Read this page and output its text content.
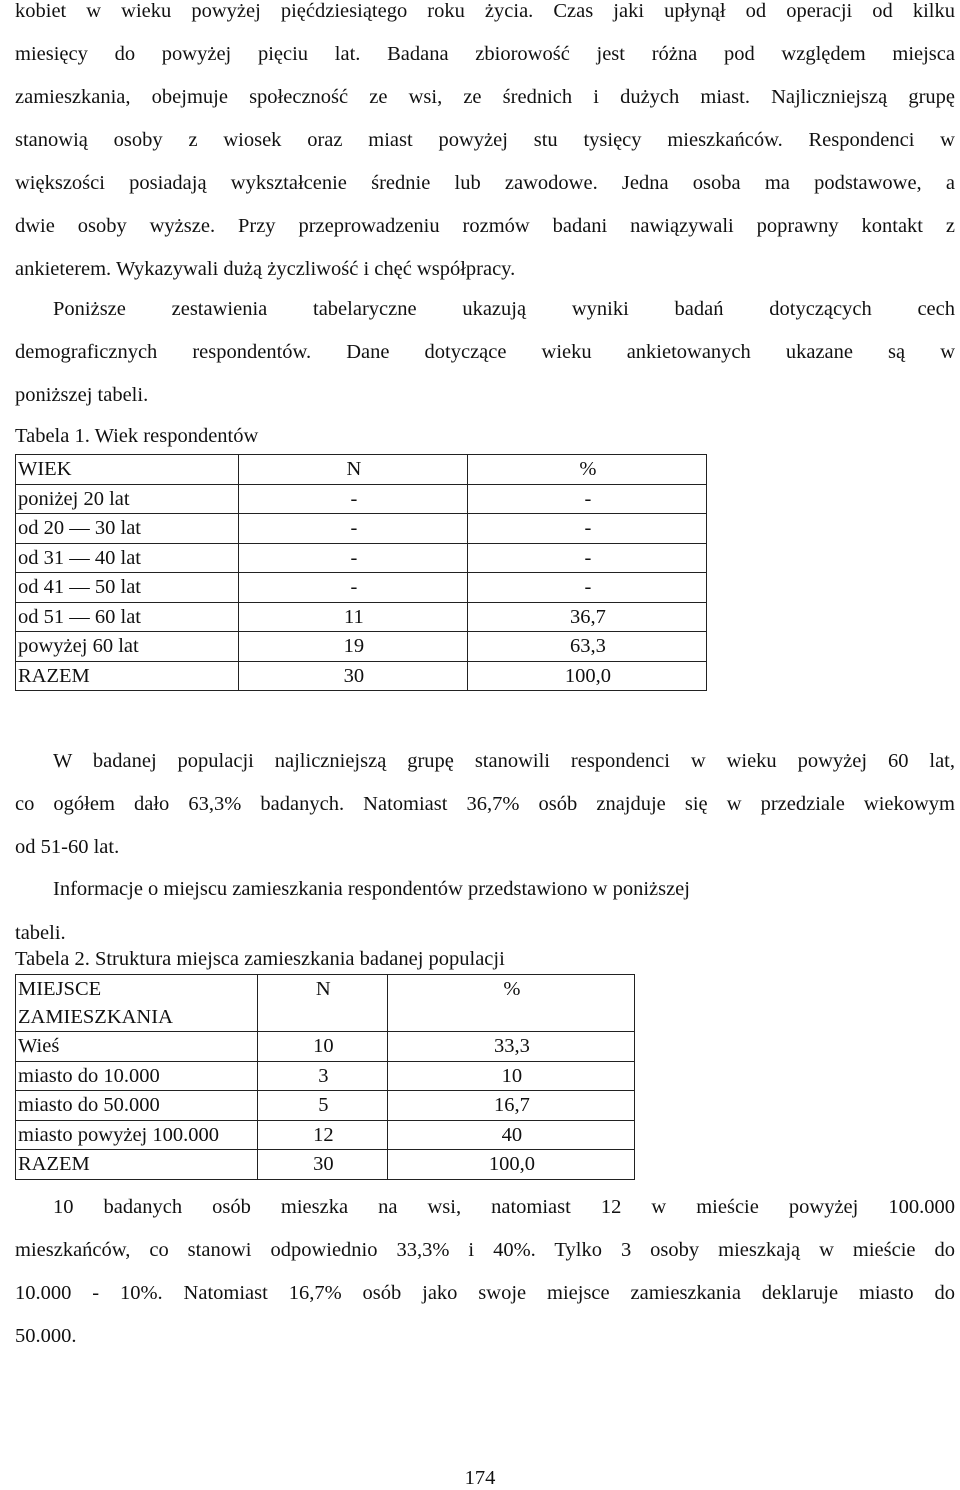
kobiet w wieku powyżej pięćdziesiątego roku życia. Czas jaki upłynął od operacji od kilku
miesięcy do powyżej pięciu lat. Badana zbiorowość jest różna pod względem miejsca
zamieszkania, obejmuje społeczność ze wsi, ze średnich i dużych miast. Najliczniejszą grupę
stanowią osoby z wiosek oraz miast powyżej stu tysięcy mieszkańców. Respondenci w
większości posiadają wykształcenie średnie lub zawodowe. Jedna osoba ma podstawowe, a
dwie osoby wyższe. Przy przeprowadzeniu rozmów badani nawiązywali poprawny kontakt z
ankieterem. Wykazywali dużą życzliwość i chęć współpracy.
Poniższe zestawienia tabelaryczne ukazują wyniki badań dotyczących cech
demograficznych respondentów. Dane dotyczące wieku ankietowanych ukazane są w
poniższej tabeli.

Tabela 1. Wiek respondentów

WIEK	N	%
poniżej 20 lat	-	-
od 20 — 30 lat	-	-
od 31 — 40 lat	-	-
od 41 — 50 lat	-	-
od 51 — 60 lat	11	36,7
powyżej 60 lat	19	63,3
RAZEM	30	100,0
W badanej populacji najliczniejszą grupę stanowili respondenci w wieku powyżej 60 lat,
co ogółem dało 63,3% badanych. Natomiast 36,7% osób znajduje się w przedziale wiekowym
od 51-60 lat.

Informacje o miejscu zamieszkania respondentów przedstawiono w poniższej

tabeli.

Tabela 2. Struktura miejsca zamieszkania badanej populacji

MIEJSCE ZAMIESZKANIA	N	%
Wieś	10	33,3
miasto do 10.000	3	10
miasto do 50.000	5	16,7
miasto powyżej 100.000	12	40
RAZEM	30	100,0
10 badanych osób mieszka na wsi, natomiast 12 w mieście powyżej 100.000
mieszkańców, co stanowi odpowiednio 33,3% i 40%. Tylko 3 osoby mieszkają w mieście do
10.000 - 10%. Natomiast 16,7% osób jako swoje miejsce zamieszkania deklaruje miasto do
50.000.
174
